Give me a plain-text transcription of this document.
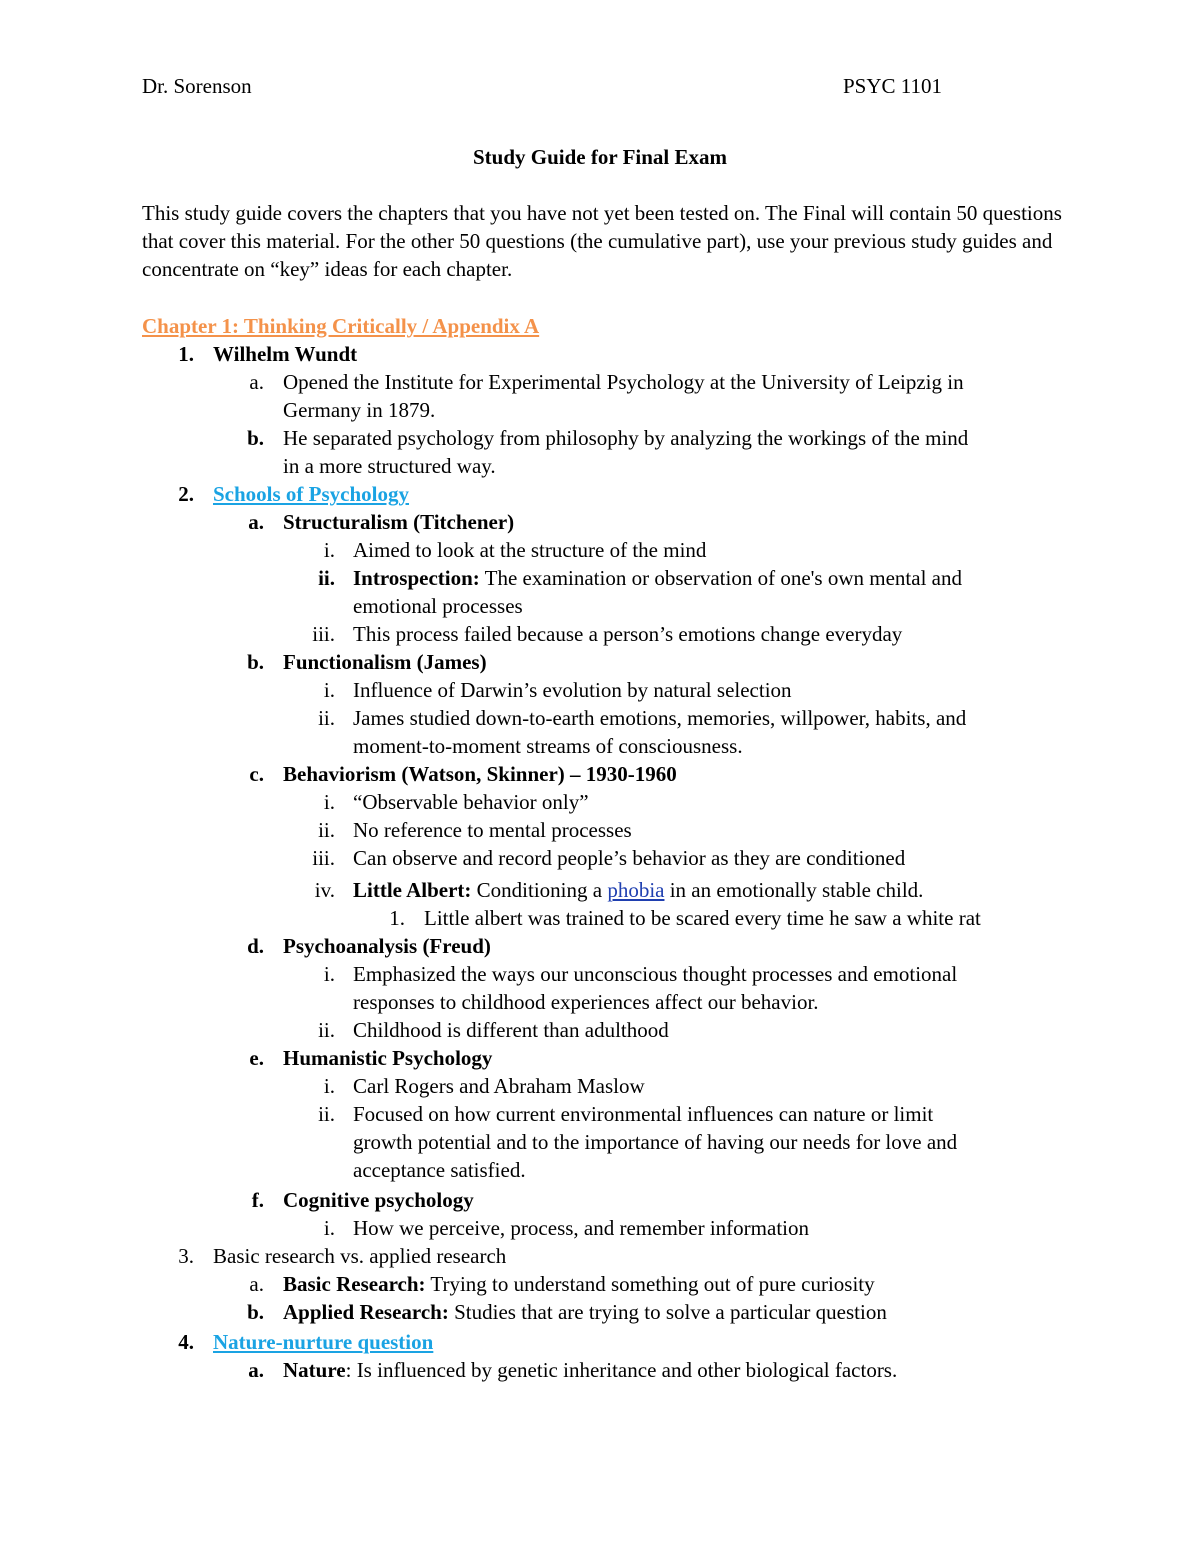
Dr. Sorenson	PSYC 1101
Study Guide for Final Exam
This study guide covers the chapters that you have not yet been tested on. The Final will contain 50 questions that cover this material. For the other 50 questions (the cumulative part), use your previous study guides and concentrate on “key” ideas for each chapter.
Chapter 1: Thinking Critically / Appendix A
1. Wilhelm Wundt
a. Opened the Institute for Experimental Psychology at the University of Leipzig in
Germany in 1879.
b. He separated psychology from philosophy by analyzing the workings of the mind
in a more structured way.
2. Schools of Psychology
a. Structuralism (Titchener)
i. Aimed to look at the structure of the mind
ii. Introspection: The examination or observation of one's own mental and
emotional processes
iii. This process failed because a person’s emotions change everyday
b. Functionalism (James)
i. Influence of Darwin’s evolution by natural selection
ii. James studied down-to-earth emotions, memories, willpower, habits, and
moment-to-moment streams of consciousness.
c. Behaviorism (Watson, Skinner) – 1930-1960
i. “Observable behavior only”
ii. No reference to mental processes
iii. Can observe and record people’s behavior as they are conditioned
iv. Little Albert: Conditioning a phobia in an emotionally stable child.
1. Little albert was trained to be scared every time he saw a white rat
d. Psychoanalysis (Freud)
i. Emphasized the ways our unconscious thought processes and emotional
responses to childhood experiences affect our behavior.
ii. Childhood is different than adulthood
e. Humanistic Psychology
i. Carl Rogers and Abraham Maslow
ii. Focused on how current environmental influences can nature or limit
growth potential and to the importance of having our needs for love and
acceptance satisfied.
f. Cognitive psychology
i. How we perceive, process, and remember information
3. Basic research vs. applied research
a. Basic Research: Trying to understand something out of pure curiosity
b. Applied Research: Studies that are trying to solve a particular question
4. Nature-nurture question
a. Nature: Is influenced by genetic inheritance and other biological factors.
